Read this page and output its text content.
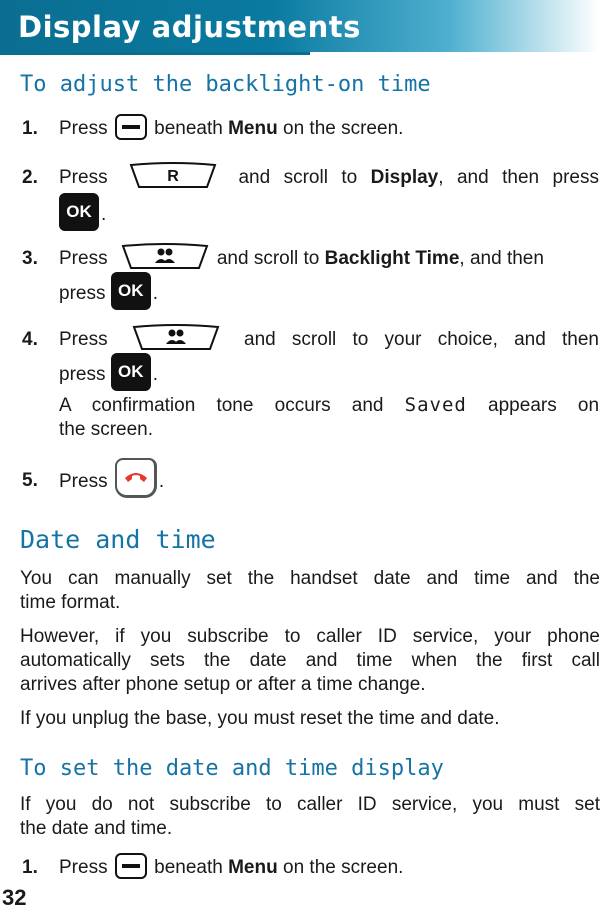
Display adjustments
To adjust the backlight-on time
1. Press beneath Menu on the screen.
2. Press	R	and scroll to Display, and then press
OK .
3. Press	and scroll to Backlight Time, and then
press OK .
4. Press	and scroll to your choice, and then
press OK .
A confirmation tone occurs and Saved appears on
the screen.
5. Press	.
Date and time
You can manually set the handset date and time and the
time format.
However, if you subscribe to caller ID service, your phone
automatically sets the date and time when the first call
arrives after phone setup or after a time change.
If you unplug the base, you must reset the time and date.
To set the date and time display
If you do not subscribe to caller ID service, you must set
the date and time.
1. Press beneath Menu on the screen.
32
